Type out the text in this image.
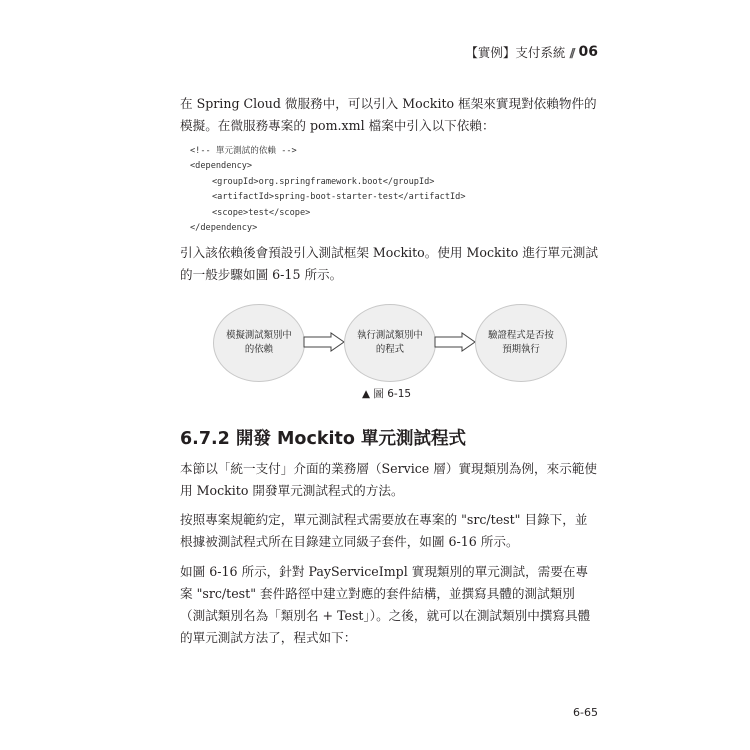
【實例】支付系統 // 06

在 Spring Cloud 微服務中，可以引入 Mockito 框架來實現對依賴物件的模擬。在微服務專案的 pom.xml 檔案中引入以下依賴：

<!-- 單元測試的依賴 -->
<dependency>
<groupId>org.springframework.boot</groupId>
<artifactId>spring-boot-starter-test</artifactId>
<scope>test</scope>
</dependency>

引入該依賴後會預設引入測試框架 Mockito。使用 Mockito 進行單元測試的一般步驟如圖 6-15 所示。

模擬測試類別中的依賴
執行測試類別中的程式
驗證程式是否按預期執行
▲ 圖 6-15
6.7.2 開發 Mockito 單元測試程式

本節以「統一支付」介面的業務層（Service 層）實現類別為例，來示範使用 Mockito 開發單元測試程式的方法。

按照專案規範約定，單元測試程式需要放在專案的 "src/test" 目錄下，並根據被測試程式所在目錄建立同級子套件，如圖 6-16 所示。

如圖 6-16 所示，針對 PayServiceImpl 實現類別的單元測試，需要在專案 "src/test" 套件路徑中建立對應的套件結構，並撰寫具體的測試類別（測試類別名為「類別名 + Test」）。之後，就可以在測試類別中撰寫具體的單元測試方法了，程式如下：

6-65
